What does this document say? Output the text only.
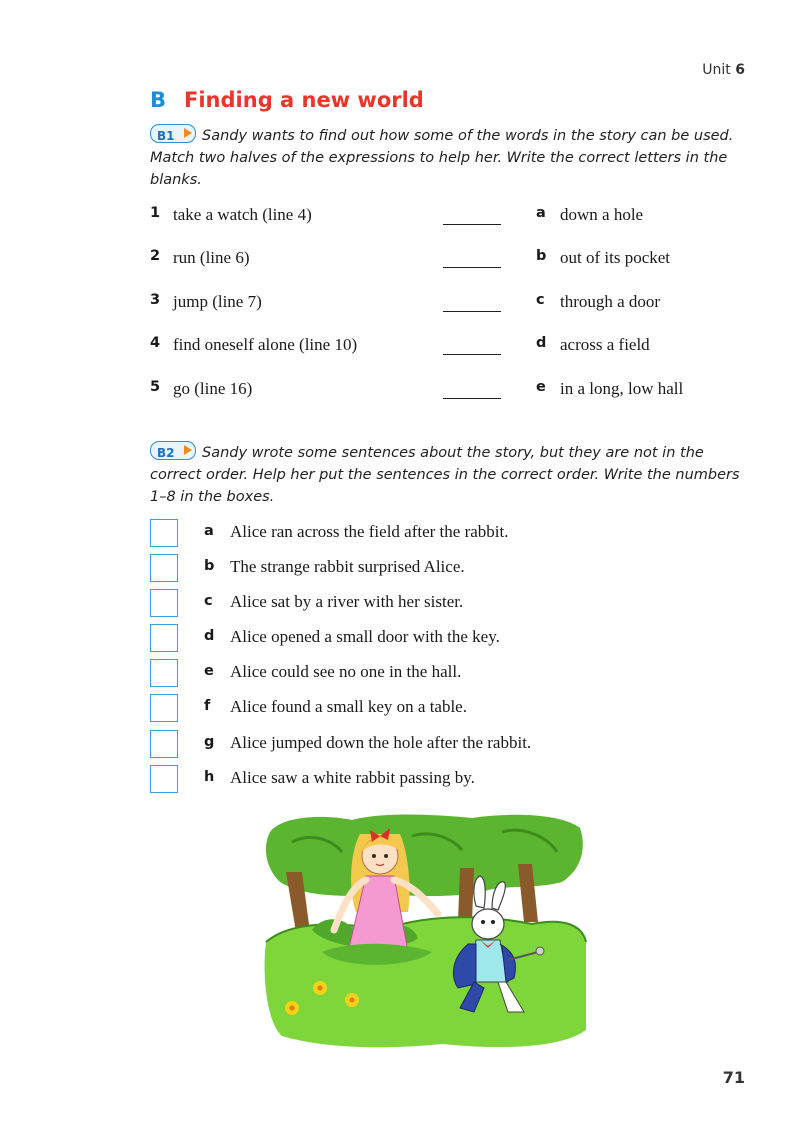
Unit 6
B Finding a new world
B1 Sandy wants to find out how some of the words in the story can be used. Match two halves of the expressions to help her. Write the correct letters in the blanks.
1 take a watch (line 4)	a down a hole
2 run (line 6)	b out of its pocket
3 jump (line 7)	c through a door
4 find oneself alone (line 10)	d across a field
5 go (line 16)	e in a long, low hall
B2 Sandy wrote some sentences about the story, but they are not in the correct order. Help her put the sentences in the correct order. Write the numbers 1–8 in the boxes.
a Alice ran across the field after the rabbit.
b The strange rabbit surprised Alice.
c Alice sat by a river with her sister.
d Alice opened a small door with the key.
e Alice could see no one in the hall.
f Alice found a small key on a table.
g Alice jumped down the hole after the rabbit.
h Alice saw a white rabbit passing by.
71
